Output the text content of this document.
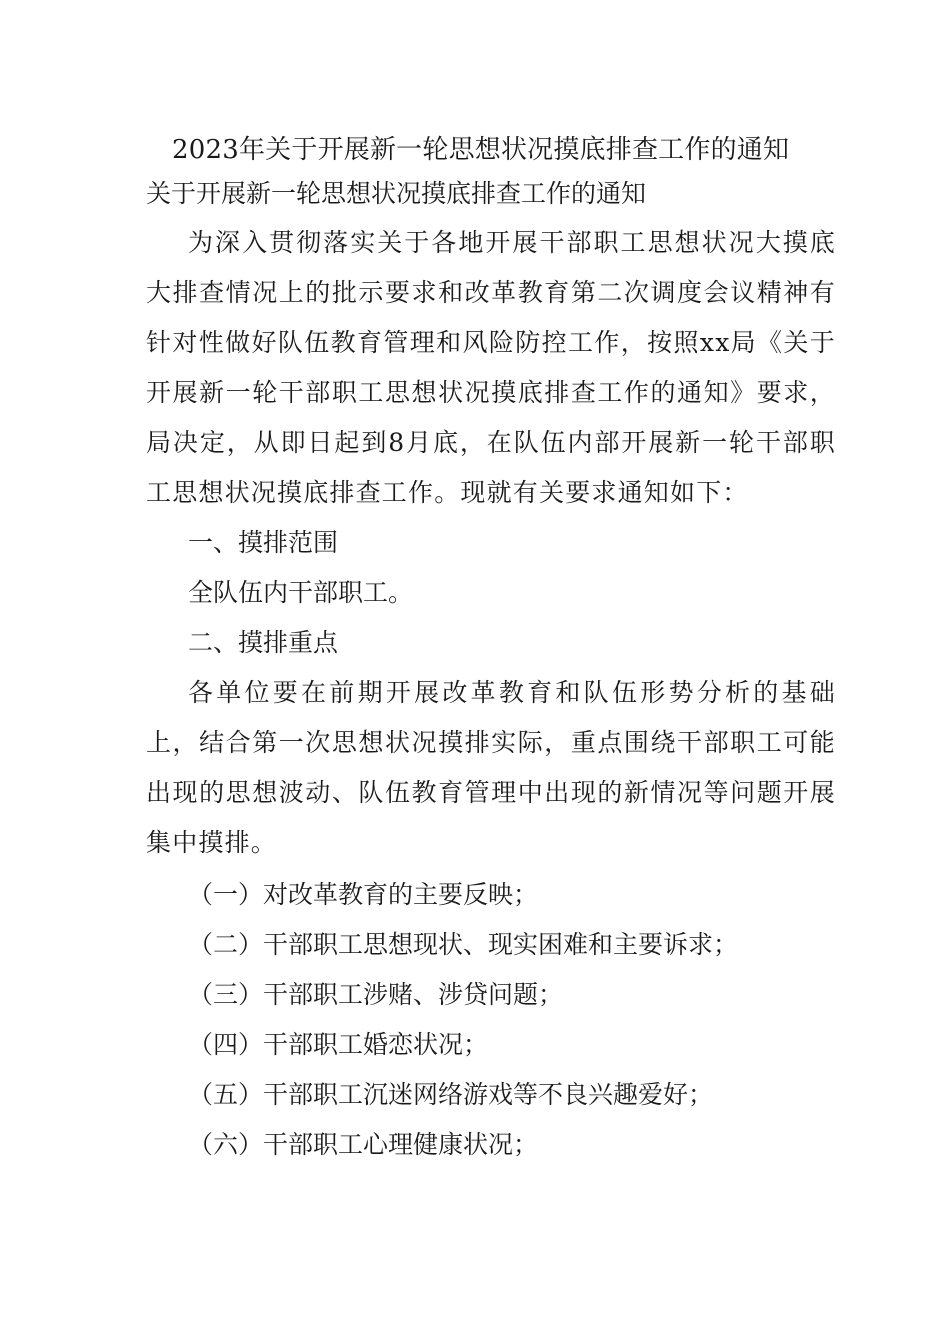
2023年关于开展新一轮思想状况摸底排查工作的通知
关于开展新一轮思想状况摸底排查工作的通知

为深入贯彻落实关于各地开展干部职工思想状况大摸底大排查情况上的批示要求和改革教育第二次调度会议精神有针对性做好队伍教育管理和风险防控工作，按照xx局《关于开展新一轮干部职工思想状况摸底排查工作的通知》要求，局决定，从即日起到8月底，在队伍内部开展新一轮干部职工思想状况摸底排查工作。现就有关要求通知如下：

一、摸排范围
全队伍内干部职工。
二、摸排重点

各单位要在前期开展改革教育和队伍形势分析的基础上，结合第一次思想状况摸排实际，重点围绕干部职工可能出现的思想波动、队伍教育管理中出现的新情况等问题开展集中摸排。

（一）对改革教育的主要反映；
（二）干部职工思想现状、现实困难和主要诉求；
（三）干部职工涉赌、涉贷问题；
（四）干部职工婚恋状况；
（五）干部职工沉迷网络游戏等不良兴趣爱好；
（六）干部职工心理健康状况；
